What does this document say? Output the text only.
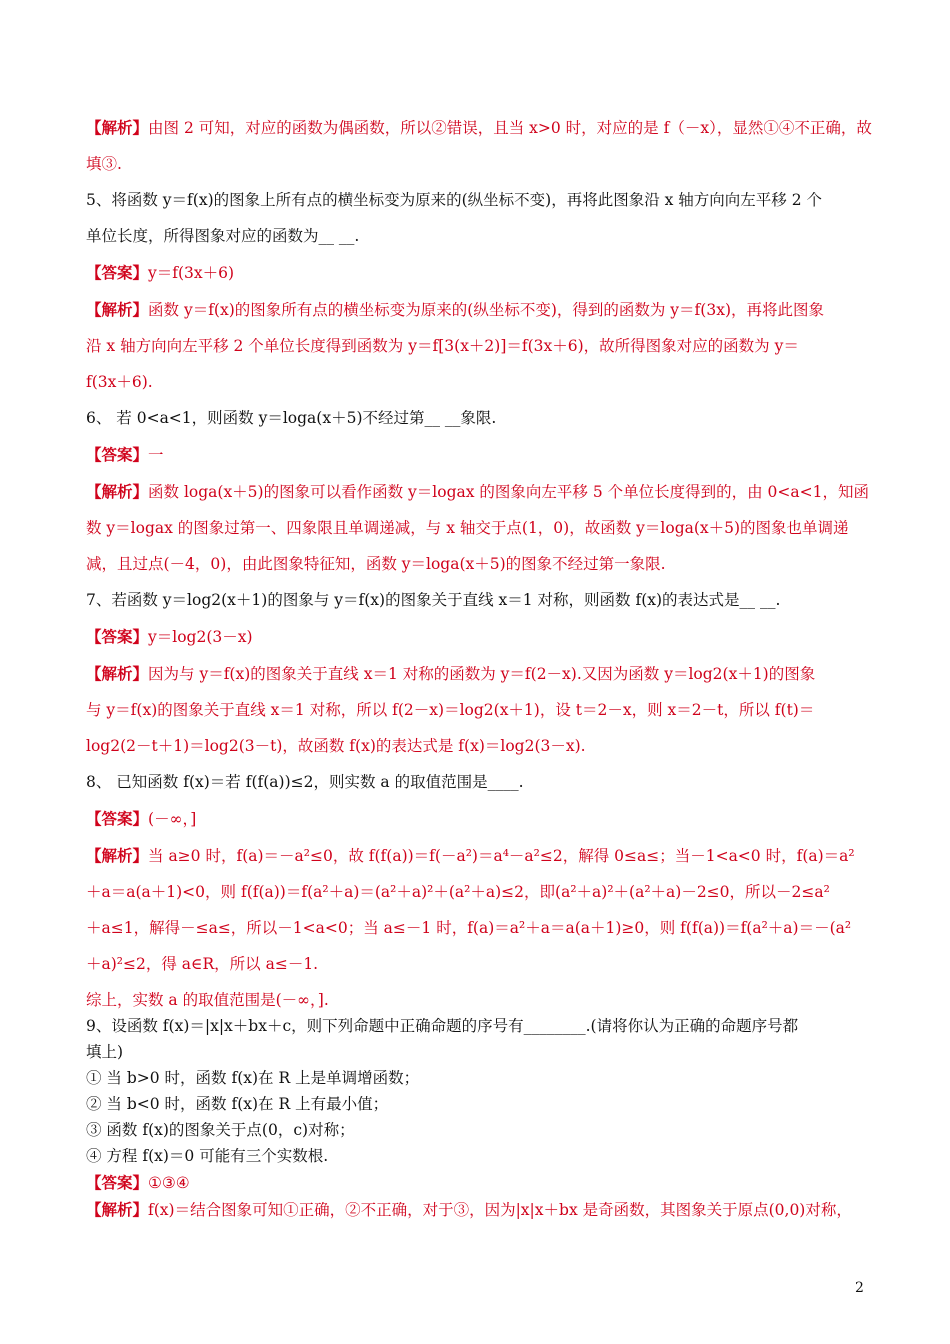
【解析】由图 2 可知，对应的函数为偶函数，所以②错误，且当 x>0 时，对应的是 f（－x），显然①④不正确，故
填③.
5、将函数 y＝f(x)的图象上所有点的横坐标变为原来的(纵坐标不变)，再将此图象沿 x 轴方向向左平移 2 个
单位长度，所得图象对应的函数为__ __.
【答案】y＝f(3x＋6)
【解析】函数 y＝f(x)的图象所有点的横坐标变为原来的(纵坐标不变)，得到的函数为 y＝f(3x)，再将此图象
沿 x 轴方向向左平移 2 个单位长度得到函数为 y＝f[3(x＋2)]＝f(3x＋6)，故所得图象对应的函数为 y＝
f(3x＋6).
6、 若 0<a<1，则函数 y＝loga(x＋5)不经过第__ __象限.
【答案】一
【解析】函数 loga(x＋5)的图象可以看作函数 y＝logax 的图象向左平移 5 个单位长度得到的，由 0<a<1，知函
数 y＝logax 的图象过第一、四象限且单调递减，与 x 轴交于点(1，0)，故函数 y＝loga(x＋5)的图象也单调递
减，且过点(－4，0)，由此图象特征知，函数 y＝loga(x＋5)的图象不经过第一象限.
7、若函数 y＝log2(x＋1)的图象与 y＝f(x)的图象关于直线 x＝1 对称，则函数 f(x)的表达式是__ __.
【答案】y＝log2(3－x)
【解析】因为与 y＝f(x)的图象关于直线 x＝1 对称的函数为 y＝f(2－x).又因为函数 y＝log2(x＋1)的图象
与 y＝f(x)的图象关于直线 x＝1 对称，所以 f(2－x)＝log2(x＋1)，设 t＝2－x，则 x＝2－t，所以 f(t)＝
log2(2－t＋1)＝log2(3－t)，故函数 f(x)的表达式是 f(x)＝log2(3－x).
8、 已知函数 f(x)＝若 f(f(a))≤2，则实数 a 的取值范围是____.
【答案】(－∞，]
【解析】当 a≥0 时，f(a)＝－a²≤0，故 f(f(a))＝f(－a²)＝a⁴－a²≤2，解得 0≤a≤；当－1<a<0 时，f(a)＝a²
＋a＝a(a＋1)<0，则 f(f(a))＝f(a²＋a)＝(a²＋a)²＋(a²＋a)≤2，即(a²＋a)²＋(a²＋a)－2≤0，所以－2≤a²
＋a≤1，解得－≤a≤，所以－1<a<0；当 a≤－1 时，f(a)＝a²＋a＝a(a＋1)≥0，则 f(f(a))＝f(a²＋a)＝－(a²
＋a)²≤2，得 a∈R，所以 a≤－1.
综上，实数 a 的取值范围是(－∞，].
9、设函数 f(x)＝|x|x＋bx＋c，则下列命题中正确命题的序号有________.(请将你认为正确的命题序号都
填上)
① 当 b>0 时，函数 f(x)在 R 上是单调增函数；
② 当 b<0 时，函数 f(x)在 R 上有最小值；
③ 函数 f(x)的图象关于点(0，c)对称；
④ 方程 f(x)＝0 可能有三个实数根.
【答案】①③④
【解析】f(x)＝结合图象可知①正确，②不正确，对于③，因为|x|x＋bx 是奇函数，其图象关于原点(0,0)对称，
2
